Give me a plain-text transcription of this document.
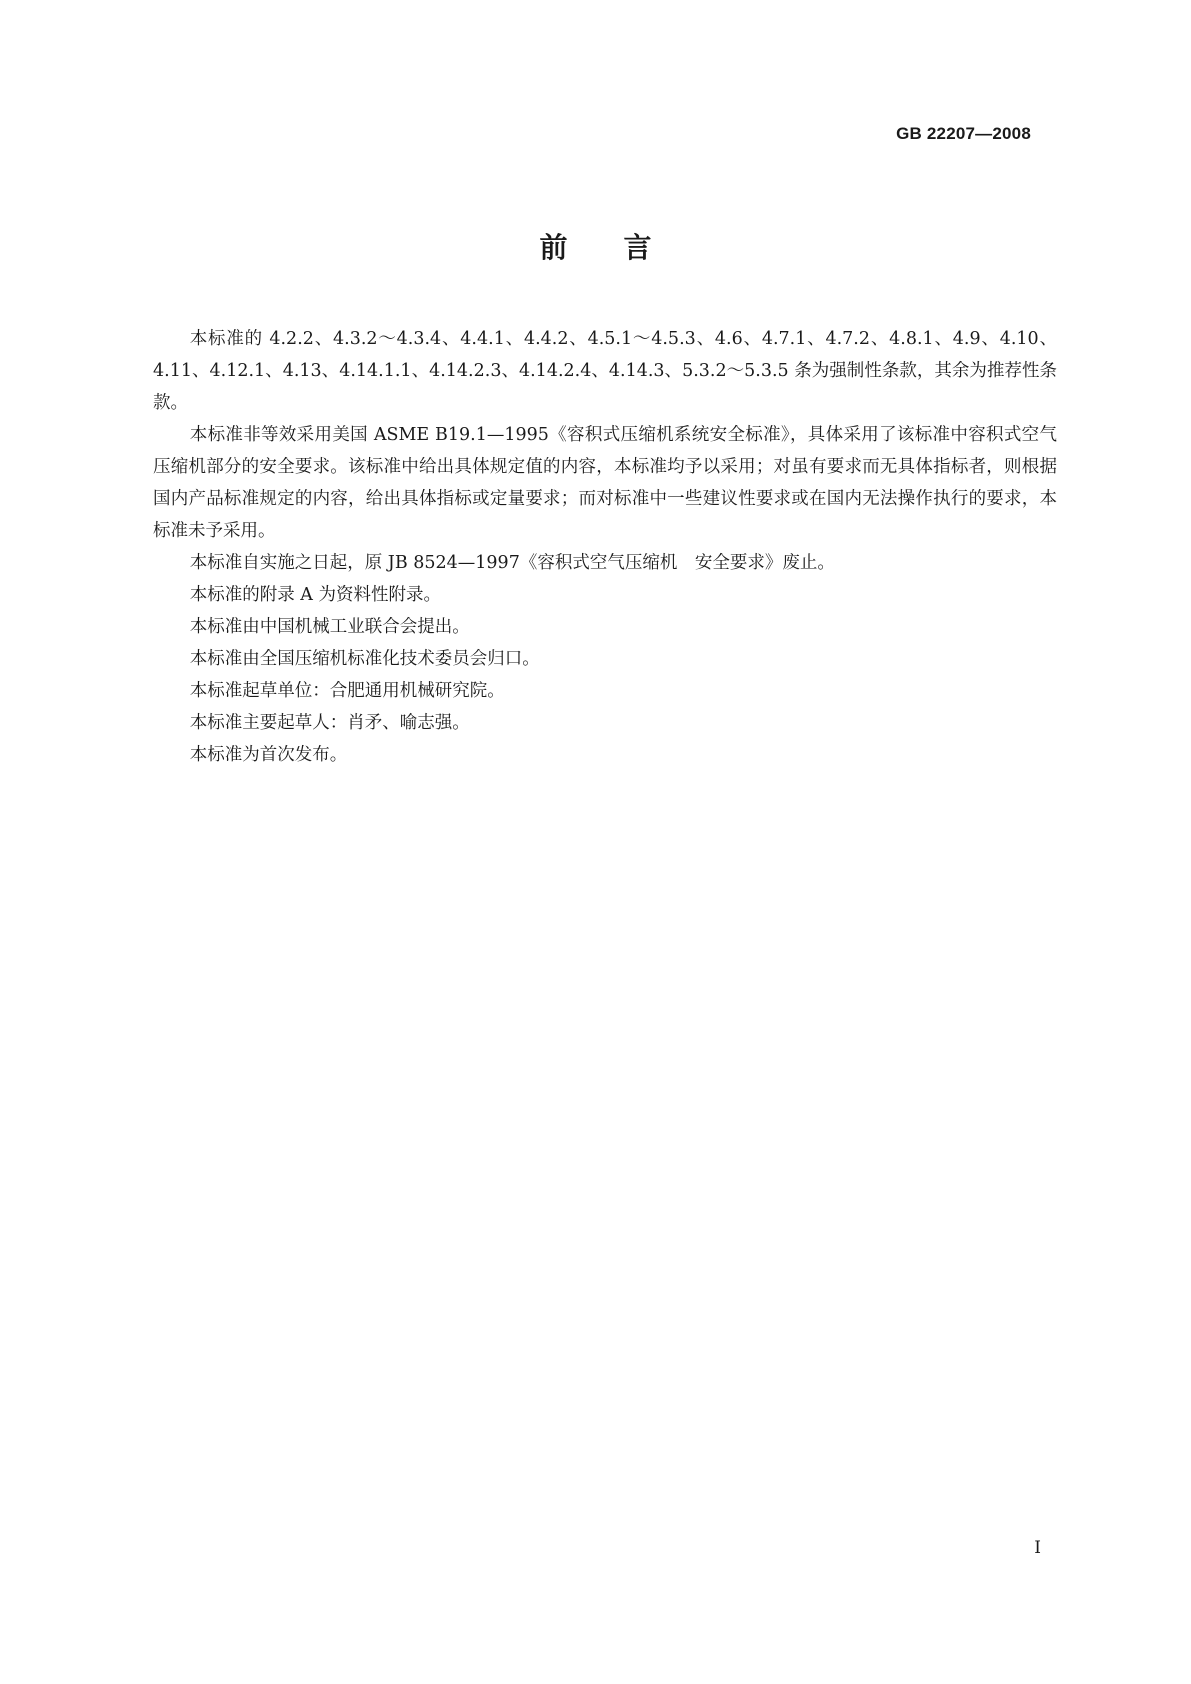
GB 22207—2008
前 言

本标准的 4.2.2、4.3.2～4.3.4、4.4.1、4.4.2、4.5.1～4.5.3、4.6、4.7.1、4.7.2、4.8.1、4.9、4.10、4.11、4.12.1、4.13、4.14.1.1、4.14.2.3、4.14.2.4、4.14.3、5.3.2～5.3.5 条为强制性条款，其余为推荐性条款。

本标准非等效采用美国 ASME B19.1—1995《容积式压缩机系统安全标准》，具体采用了该标准中容积式空气压缩机部分的安全要求。该标准中给出具体规定值的内容，本标准均予以采用；对虽有要求而无具体指标者，则根据国内产品标准规定的内容，给出具体指标或定量要求；而对标准中一些建议性要求或在国内无法操作执行的要求，本标准未予采用。

本标准自实施之日起，原 JB 8524—1997《容积式空气压缩机　安全要求》废止。

本标准的附录 A 为资料性附录。

本标准由中国机械工业联合会提出。

本标准由全国压缩机标准化技术委员会归口。

本标准起草单位：合肥通用机械研究院。

本标准主要起草人：肖矛、喻志强。

本标准为首次发布。

I
